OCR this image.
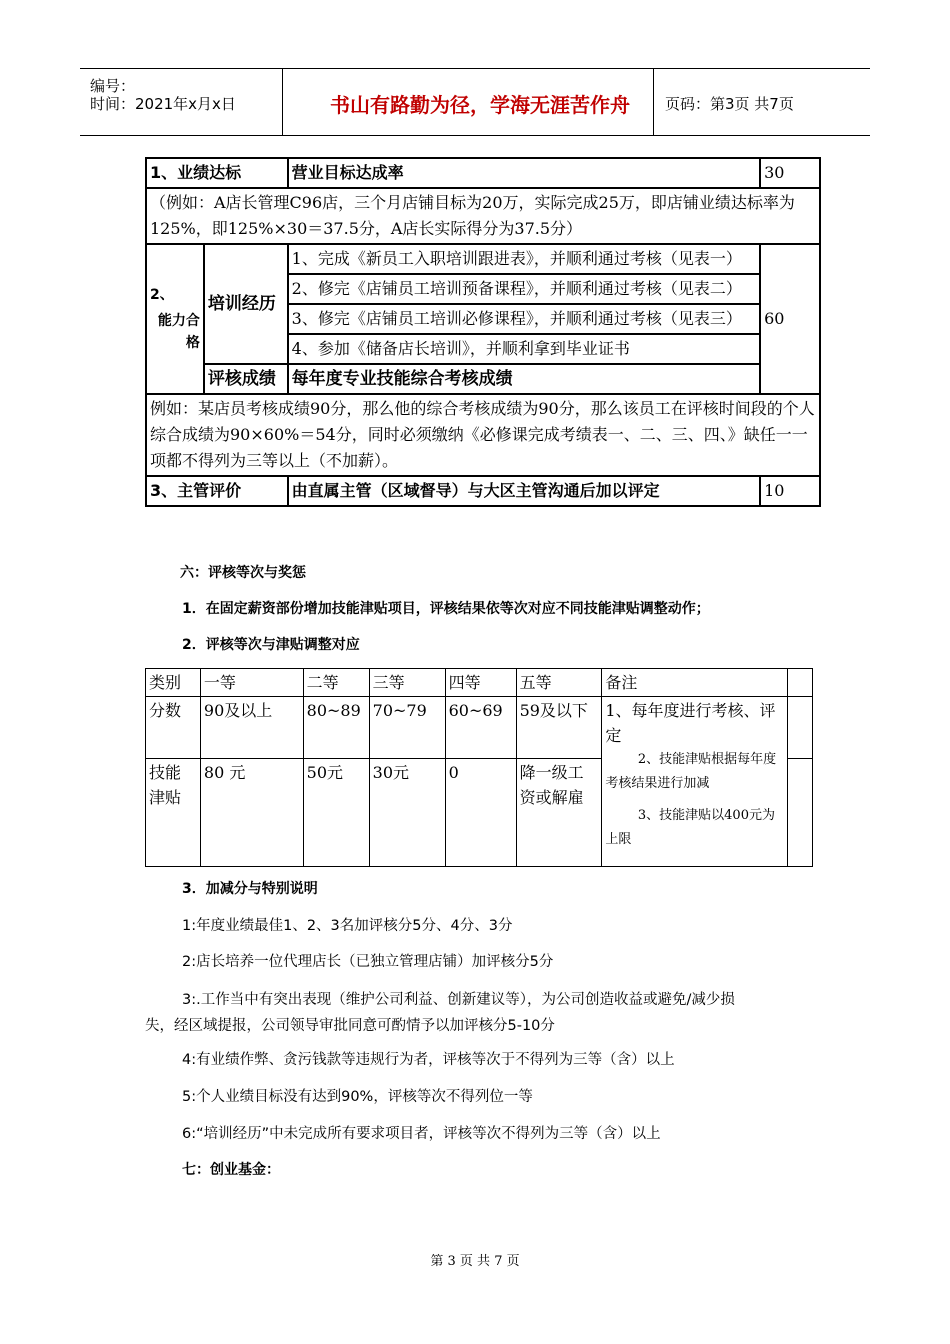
编号：
时间：2021年x月x日	书山有路勤为径，学海无涯苦作舟	页码：第3页 共7页
1、业绩达标		营业目标达成率	30
（例如：A店长管理C96店，三个月店铺目标为20万，实际完成25万，即店铺业绩达标率为125%，即125%×30＝37.5分，A店长实际得分为37.5分）			

2、
能力合格	培训经历	1、完成《新员工入职培训跟进表》，并顺利通过考核（见表一）	60
		2、修完《店铺员工培训预备课程》，并顺利通过考核（见表二）	
		3、修完《店铺员工培训必修课程》，并顺利通过考核（见表三）	
		4、参加《储备店长培训》，并顺利拿到毕业证书	
	评核成绩	每年度专业技能综合考核成绩	
例如：某店员考核成绩90分，那么他的综合考核成绩为90分，那么该员工在评核时间段的个人综合成绩为90×60%＝54分，同时必须缴纳《必修课完成考绩表一、二、三、四、》缺任一一项都不得列为三等以上（不加薪）。			
3、主管评价		由直属主管（区域督导）与大区主管沟通后加以评定	10
六：评核等次与奖惩
1．在固定薪资部份增加技能津贴项目，评核结果依等次对应不同技能津贴调整动作；
2．评核等次与津贴调整对应
类别	一等	二等	三等	四等	五等	备注	
分数	90及以上	80~89	70~79	60~69	59及以下	1、每年度进行考核、评定
2、技能津贴根据每年度考核结果进行加减
3、技能津贴以400元为上限	

技能津贴	80 元	50元	30元	0	降一级工资或解雇		
3．加减分与特别说明
1:年度业绩最佳1、2、3名加评核分5分、4分、3分
2:店长培养一位代理店长（已独立管理店铺）加评核分5分
3:.工作当中有突出表现（维护公司利益、创新建议等），为公司创造收益或避免/减少损
失，经区域提报，公司领导审批同意可酌情予以加评核分5-10分
4:有业绩作弊、贪污钱款等违规行为者，评核等次于不得列为三等（含）以上
5:个人业绩目标没有达到90%，评核等次不得列位一等
6:“培训经历”中未完成所有要求项目者，评核等次不得列为三等（含）以上
七：创业基金：
第 3 页 共 7 页
